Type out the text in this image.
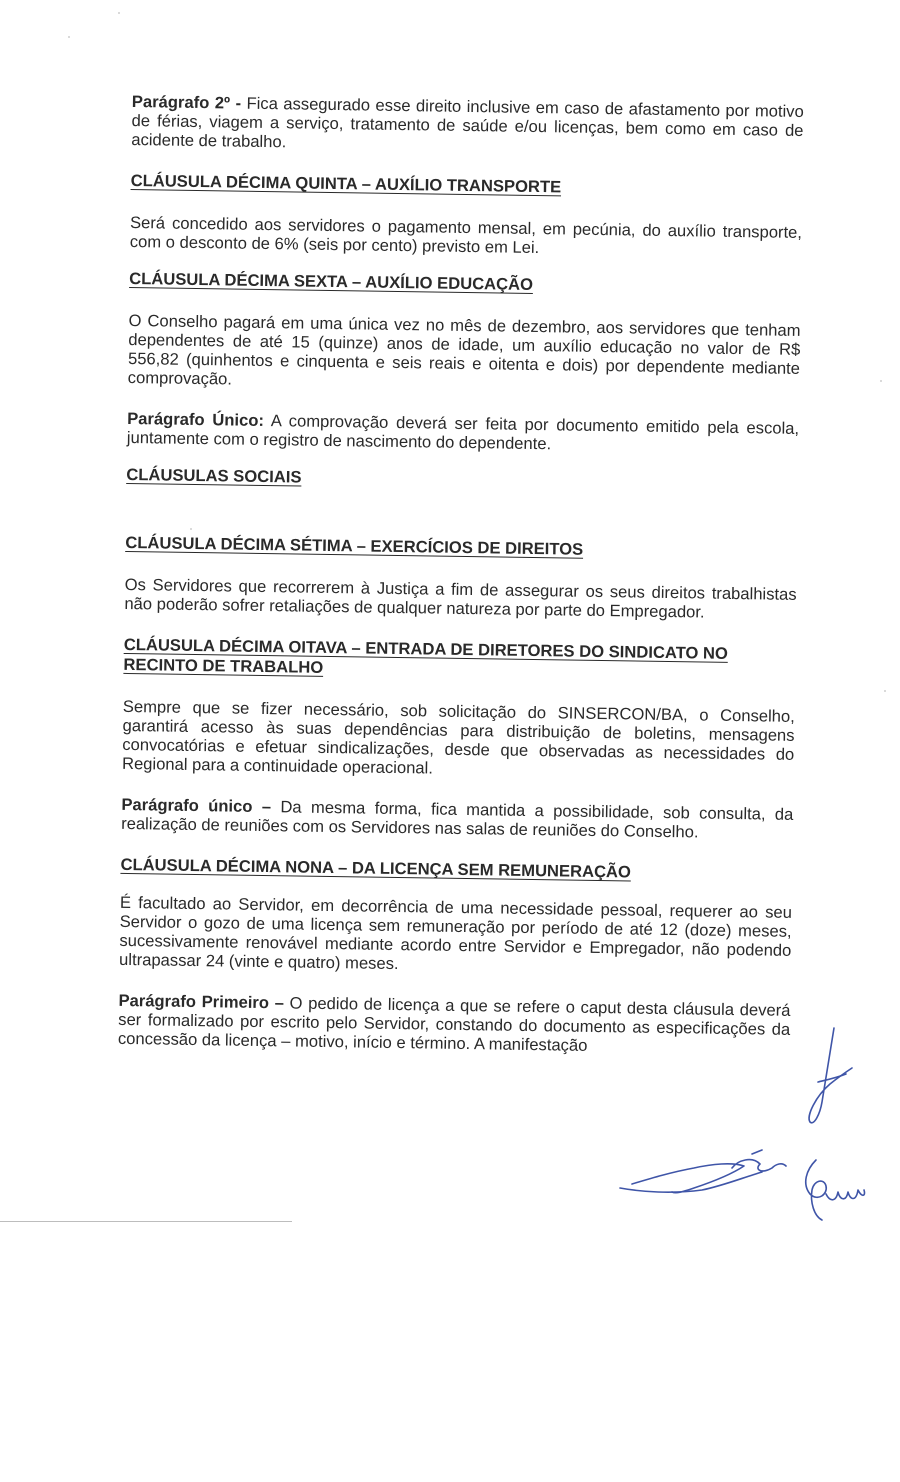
Parágrafo 2º - Fica assegurado esse direito inclusive em caso de afastamento por motivo de férias, viagem a serviço, tratamento de saúde e/ou licenças, bem como em caso de acidente de trabalho.

CLÁUSULA DÉCIMA QUINTA – AUXÍLIO TRANSPORTE

Será concedido aos servidores o pagamento mensal, em pecúnia, do auxílio transporte, com o desconto de 6% (seis por cento) previsto em Lei.

CLÁUSULA DÉCIMA SEXTA – AUXÍLIO EDUCAÇÃO

O Conselho pagará em uma única vez no mês de dezembro, aos servidores que tenham dependentes de até 15 (quinze) anos de idade, um auxílio educação no valor de R$ 556,82 (quinhentos e cinquenta e seis reais e oitenta e dois) por dependente mediante comprovação.

Parágrafo Único: A comprovação deverá ser feita por documento emitido pela escola, juntamente com o registro de nascimento do dependente.

CLÁUSULAS SOCIAIS

CLÁUSULA DÉCIMA SÉTIMA – EXERCÍCIOS DE DIREITOS

Os Servidores que recorrerem à Justiça a fim de assegurar os seus direitos trabalhistas não poderão sofrer retaliações de qualquer natureza por parte do Empregador.

CLÁUSULA DÉCIMA OITAVA – ENTRADA DE DIRETORES DO SINDICATO NO RECINTO DE TRABALHO

Sempre que se fizer necessário, sob solicitação do SINSERCON/BA, o Conselho, garantirá acesso às suas dependências para distribuição de boletins, mensagens convocatórias e efetuar sindicalizações, desde que observadas as necessidades do Regional para a continuidade operacional.

Parágrafo único – Da mesma forma, fica mantida a possibilidade, sob consulta, da realização de reuniões com os Servidores nas salas de reuniões do Conselho.

CLÁUSULA DÉCIMA NONA – DA LICENÇA SEM REMUNERAÇÃO

É facultado ao Servidor, em decorrência de uma necessidade pessoal, requerer ao seu Servidor o gozo de uma licença sem remuneração por período de até 12 (doze) meses, sucessivamente renovável mediante acordo entre Servidor e Empregador, não podendo ultrapassar 24 (vinte e quatro) meses.

Parágrafo Primeiro – O pedido de licença a que se refere o caput desta cláusula deverá ser formalizado por escrito pelo Servidor, constando do documento as especificações da concessão da licença – motivo, início e término. A manifestação
